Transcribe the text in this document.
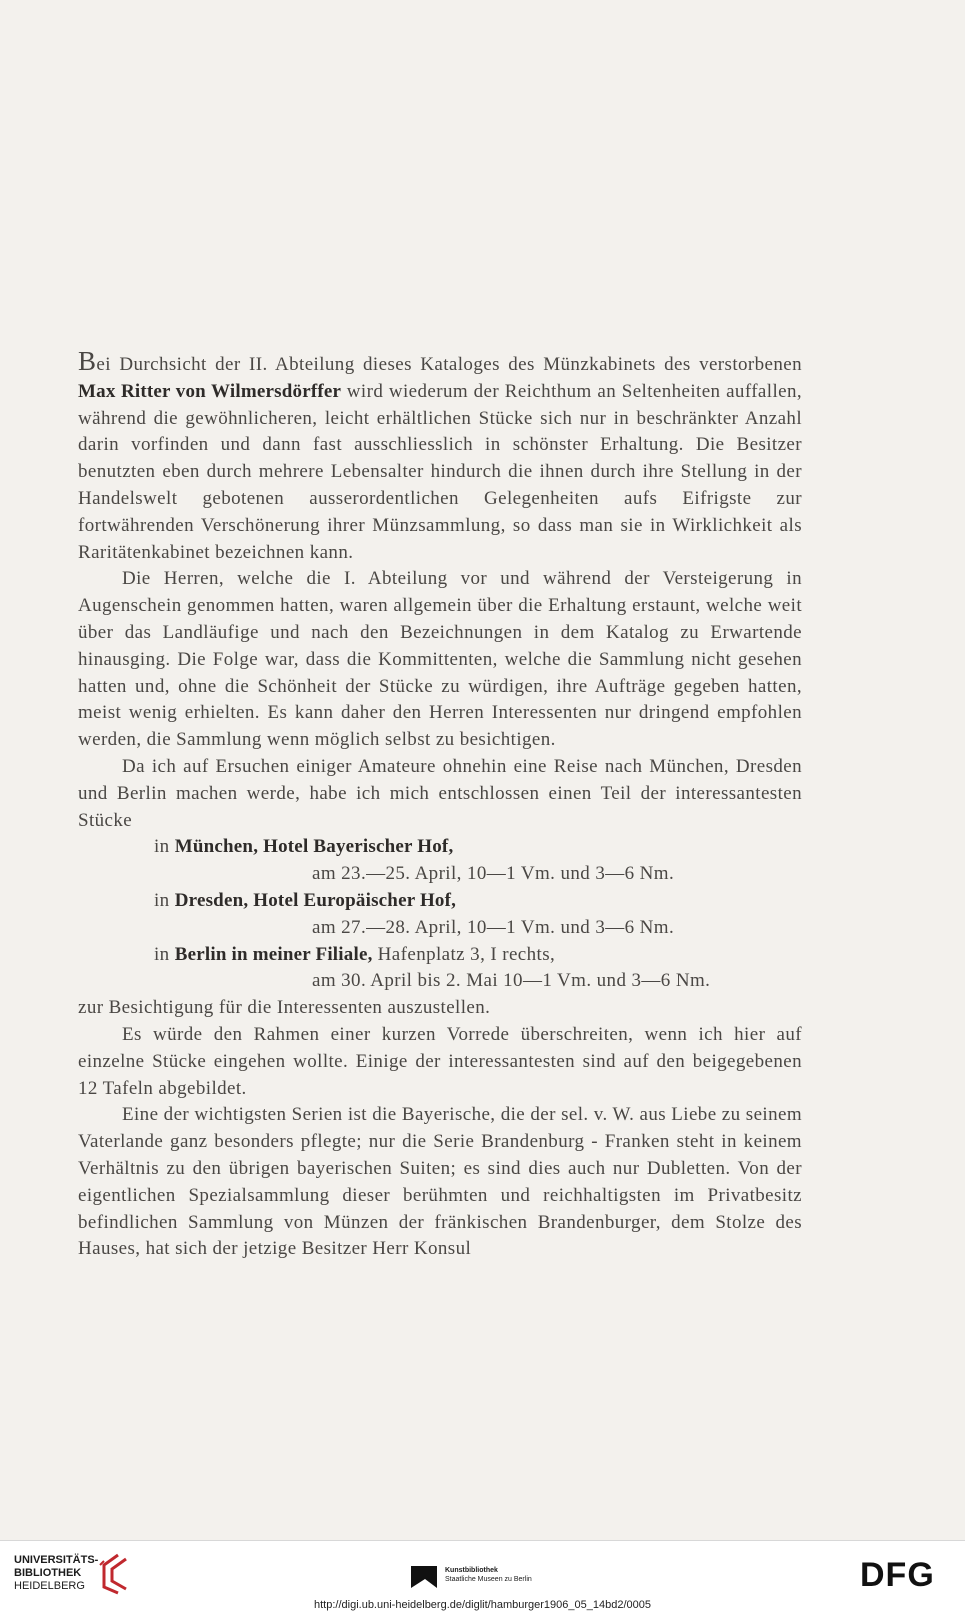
Bei Durchsicht der II. Abteilung dieses Kataloges des Münzkabinets des verstorbenen Max Ritter von Wilmersdörffer wird wiederum der Reichthum an Seltenheiten auffallen, während die gewöhnlicheren, leicht erhältlichen Stücke sich nur in beschränkter Anzahl darin vorfinden und dann fast ausschliesslich in schönster Erhaltung. Die Besitzer benutzten eben durch mehrere Lebensalter hindurch die ihnen durch ihre Stellung in der Handelswelt gebotenen ausserordentlichen Gelegenheiten aufs Eifrigste zur fortwährenden Verschönerung ihrer Münzsammlung, so dass man sie in Wirklichkeit als Raritätenkabinet bezeichnen kann.

Die Herren, welche die I. Abteilung vor und während der Versteigerung in Augenschein genommen hatten, waren allgemein über die Erhaltung erstaunt, welche weit über das Landläufige und nach den Bezeichnungen in dem Katalog zu Erwartende hinausging. Die Folge war, dass die Kommittenten, welche die Sammlung nicht gesehen hatten und, ohne die Schönheit der Stücke zu würdigen, ihre Aufträge gegeben hatten, meist wenig erhielten. Es kann daher den Herren Interessenten nur dringend empfohlen werden, die Sammlung wenn möglich selbst zu besichtigen.

Da ich auf Ersuchen einiger Amateure ohnehin eine Reise nach München, Dresden und Berlin machen werde, habe ich mich entschlossen einen Teil der interessantesten Stücke

in München, Hotel Bayerischer Hof,

am 23.—25. April, 10—1 Vm. und 3—6 Nm.

in Dresden, Hotel Europäischer Hof,

am 27.—28. April, 10—1 Vm. und 3—6 Nm.

in Berlin in meiner Filiale, Hafenplatz 3, I rechts,

am 30. April bis 2. Mai 10—1 Vm. und 3—6 Nm.

zur Besichtigung für die Interessenten auszustellen.

Es würde den Rahmen einer kurzen Vorrede überschreiten, wenn ich hier auf einzelne Stücke eingehen wollte. Einige der interessantesten sind auf den beigegebenen 12 Tafeln abgebildet.

Eine der wichtigsten Serien ist die Bayerische, die der sel. v. W. aus Liebe zu seinem Vaterlande ganz besonders pflegte; nur die Serie Brandenburg - Franken steht in keinem Verhältnis zu den übrigen bayerischen Suiten; es sind dies auch nur Dubletten. Von der eigentlichen Spezialsammlung dieser berühmten und reichhaltigsten im Privatbesitz befindlichen Sammlung von Münzen der fränkischen Brandenburger, dem Stolze des Hauses, hat sich der jetzige Besitzer Herr Konsul

UNIVERSITÄTS-
BIBLIOTHEK
HEIDELBERG
Kunstbibliothek
Staatliche Museen zu Berlin	DFG
http://digi.ub.uni-heidelberg.de/diglit/hamburger1906_05_14bd2/0005
